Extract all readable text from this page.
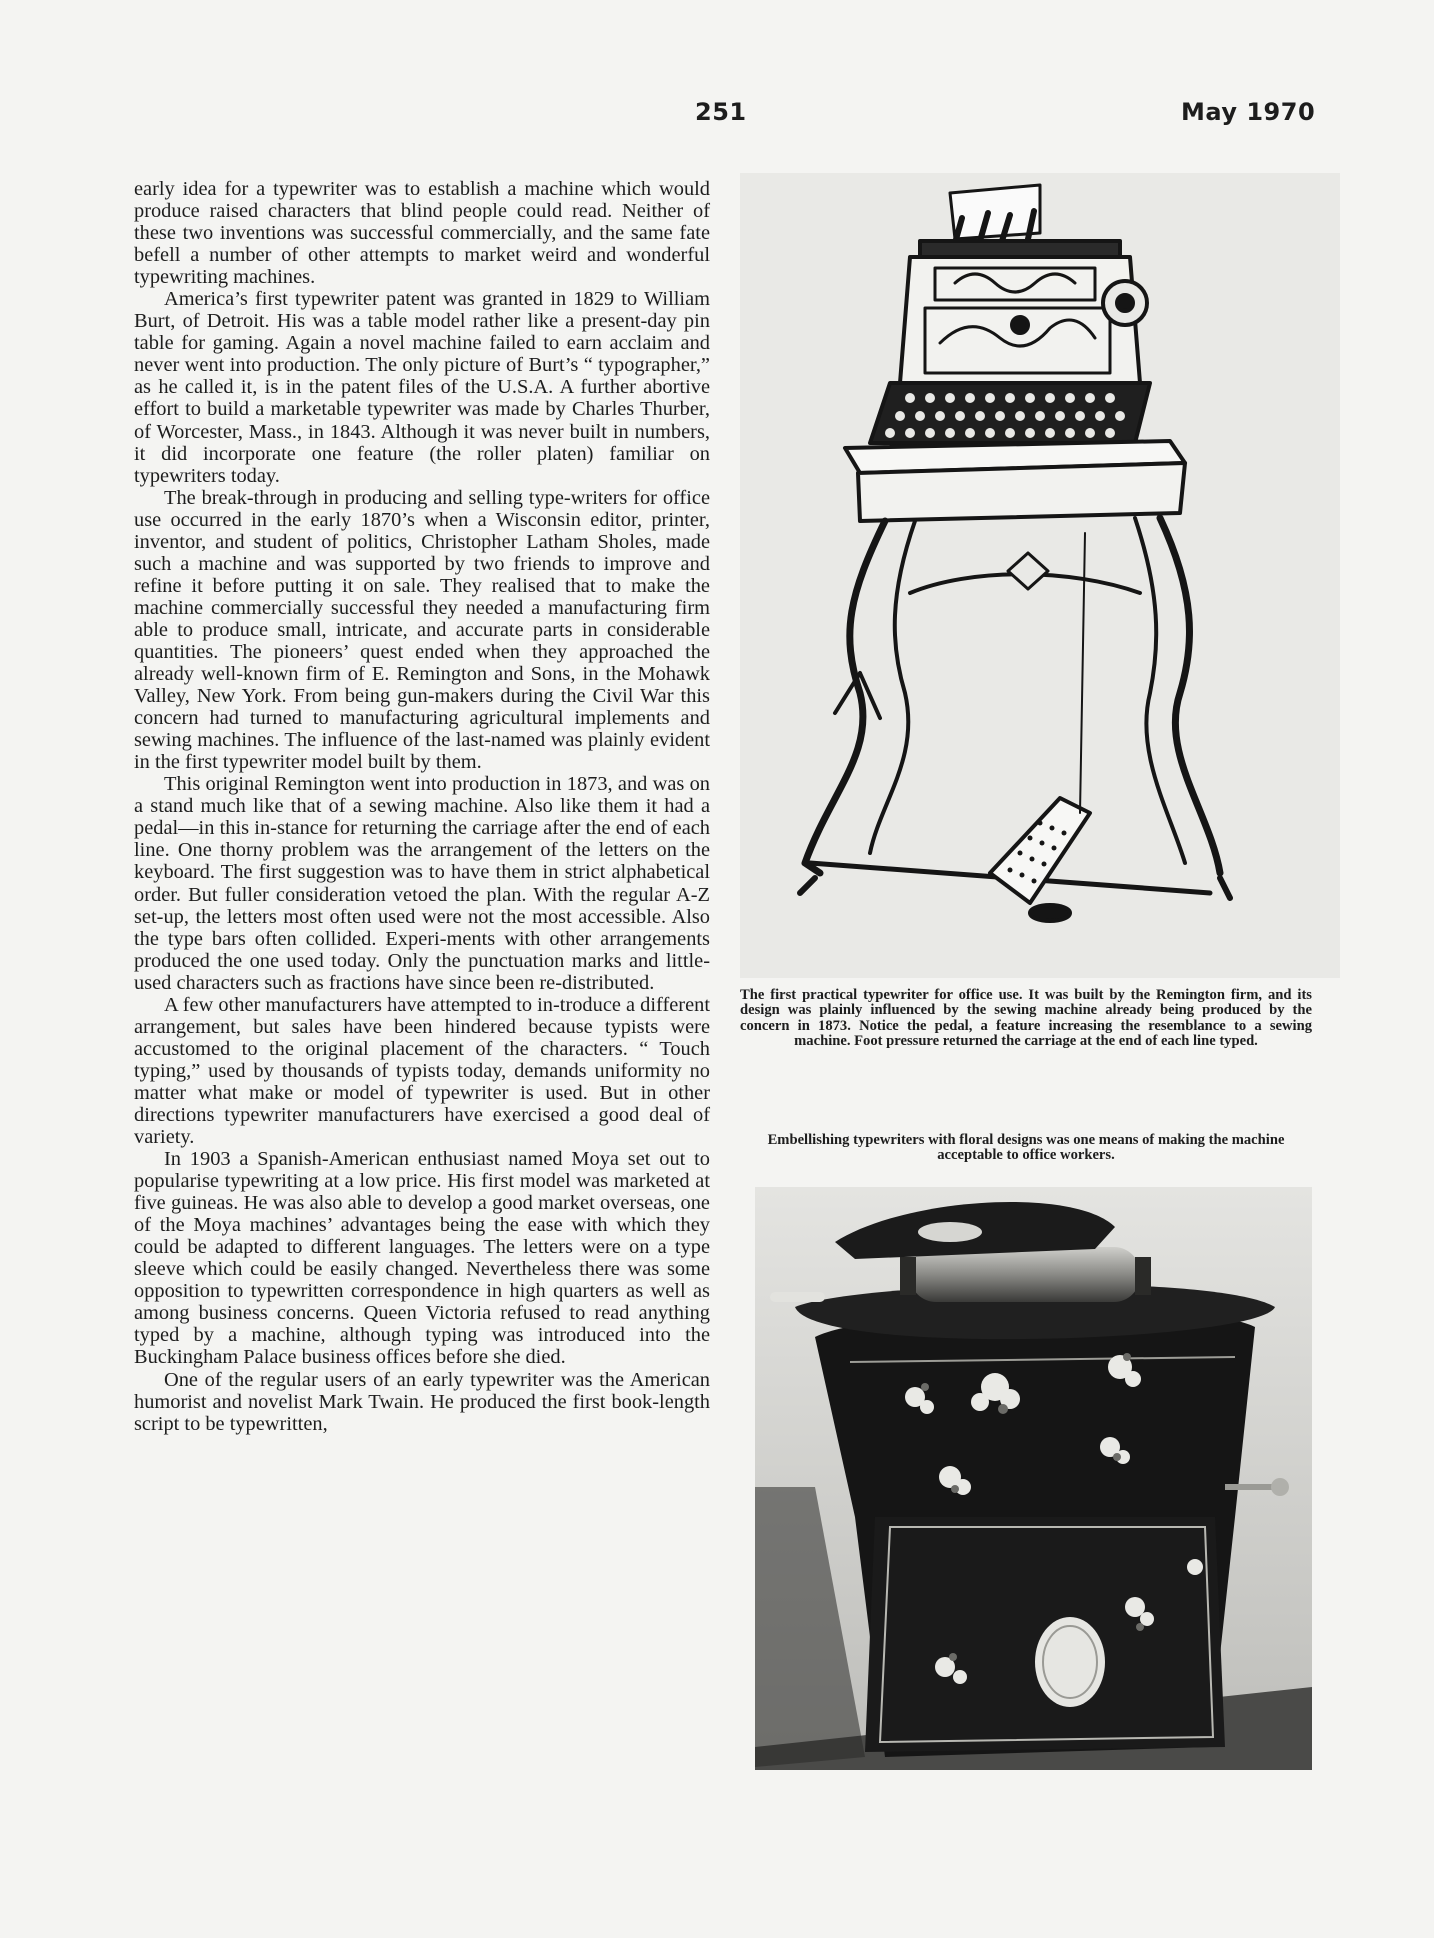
251	May 1970

early idea for a typewriter was to establish a machine which would produce raised characters that blind people could read. Neither of these two inventions was successful commercially, and the same fate befell a number of other attempts to market weird and wonderful typewriting machines.

America’s first typewriter patent was granted in 1829 to William Burt, of Detroit. His was a table model rather like a present-day pin table for gaming. Again a novel machine failed to earn acclaim and never went into production. The only picture of Burt’s “ typographer,” as he called it, is in the patent files of the U.S.A. A further abortive effort to build a marketable typewriter was made by Charles Thurber, of Worcester, Mass., in 1843. Although it was never built in numbers, it did incorporate one feature (the roller platen) familiar on typewriters today.

The break-through in producing and selling type-writers for office use occurred in the early 1870’s when a Wisconsin editor, printer, inventor, and student of politics, Christopher Latham Sholes, made such a machine and was supported by two friends to improve and refine it before putting it on sale. They realised that to make the machine commercially successful they needed a manufacturing firm able to produce small, intricate, and accurate parts in considerable quantities. The pioneers’ quest ended when they approached the already well-known firm of E. Remington and Sons, in the Mohawk Valley, New York. From being gun-makers during the Civil War this concern had turned to manufacturing agricultural implements and sewing machines. The influence of the last-named was plainly evident in the first typewriter model built by them.

This original Remington went into production in 1873, and was on a stand much like that of a sewing machine. Also like them it had a pedal—in this in-stance for returning the carriage after the end of each line. One thorny problem was the arrangement of the letters on the keyboard. The first suggestion was to have them in strict alphabetical order. But fuller consideration vetoed the plan. With the regular A-Z set-up, the letters most often used were not the most accessible. Also the type bars often collided. Experi-ments with other arrangements produced the one used today. Only the punctuation marks and little-used characters such as fractions have since been re-distributed.

A few other manufacturers have attempted to in-troduce a different arrangement, but sales have been hindered because typists were accustomed to the original placement of the characters. “ Touch typing,” used by thousands of typists today, demands uniformity no matter what make or model of typewriter is used. But in other directions typewriter manufacturers have exercised a good deal of variety.

In 1903 a Spanish-American enthusiast named Moya set out to popularise typewriting at a low price. His first model was marketed at five guineas. He was also able to develop a good market overseas, one of the Moya machines’ advantages being the ease with which they could be adapted to different languages. The letters were on a type sleeve which could be easily changed. Nevertheless there was some opposition to typewritten correspondence in high quarters as well as among business concerns. Queen Victoria refused to read anything typed by a machine, although typing was introduced into the Buckingham Palace business offices before she died.

One of the regular users of an early typewriter was the American humorist and novelist Mark Twain. He produced the first book-length script to be typewritten,

The first practical typewriter for office use. It was built by the Remington firm, and its design was plainly influenced by the sewing machine already being produced by the concern in 1873. Notice the pedal, a feature increasing the resemblance to a sewing machine. Foot pressure returned the carriage at the end of each line typed.
Embellishing typewriters with floral designs was one means of making the machine acceptable to office workers.
